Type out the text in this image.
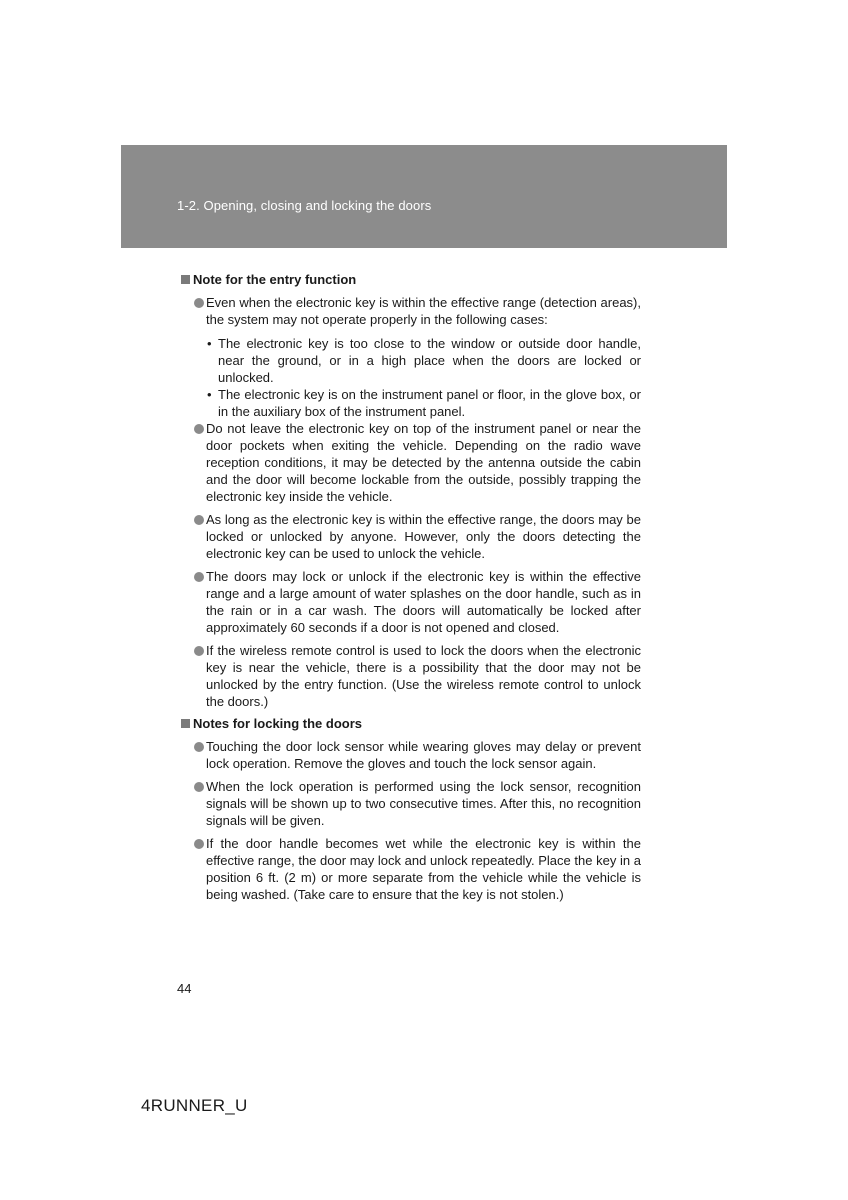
1-2. Opening, closing and locking the doors
Note for the entry function
Even when the electronic key is within the effective range (detection areas), the system may not operate properly in the following cases:
• The electronic key is too close to the window or outside door handle, near the ground, or in a high place when the doors are locked or unlocked.
• The electronic key is on the instrument panel or floor, in the glove box, or in the auxiliary box of the instrument panel.
Do not leave the electronic key on top of the instrument panel or near the door pockets when exiting the vehicle. Depending on the radio wave reception conditions, it may be detected by the antenna outside the cabin and the door will become lockable from the outside, possibly trapping the electronic key inside the vehicle.
As long as the electronic key is within the effective range, the doors may be locked or unlocked by anyone. However, only the doors detecting the electronic key can be used to unlock the vehicle.
The doors may lock or unlock if the electronic key is within the effective range and a large amount of water splashes on the door handle, such as in the rain or in a car wash. The doors will automatically be locked after approximately 60 seconds if a door is not opened and closed.
If the wireless remote control is used to lock the doors when the electronic key is near the vehicle, there is a possibility that the door may not be unlocked by the entry function. (Use the wireless remote control to unlock the doors.)
Notes for locking the doors
Touching the door lock sensor while wearing gloves may delay or prevent lock operation. Remove the gloves and touch the lock sensor again.
When the lock operation is performed using the lock sensor, recognition signals will be shown up to two consecutive times. After this, no recognition signals will be given.
If the door handle becomes wet while the electronic key is within the effective range, the door may lock and unlock repeatedly. Place the key in a position 6 ft. (2 m) or more separate from the vehicle while the vehicle is being washed. (Take care to ensure that the key is not stolen.)
44
4RUNNER_U
